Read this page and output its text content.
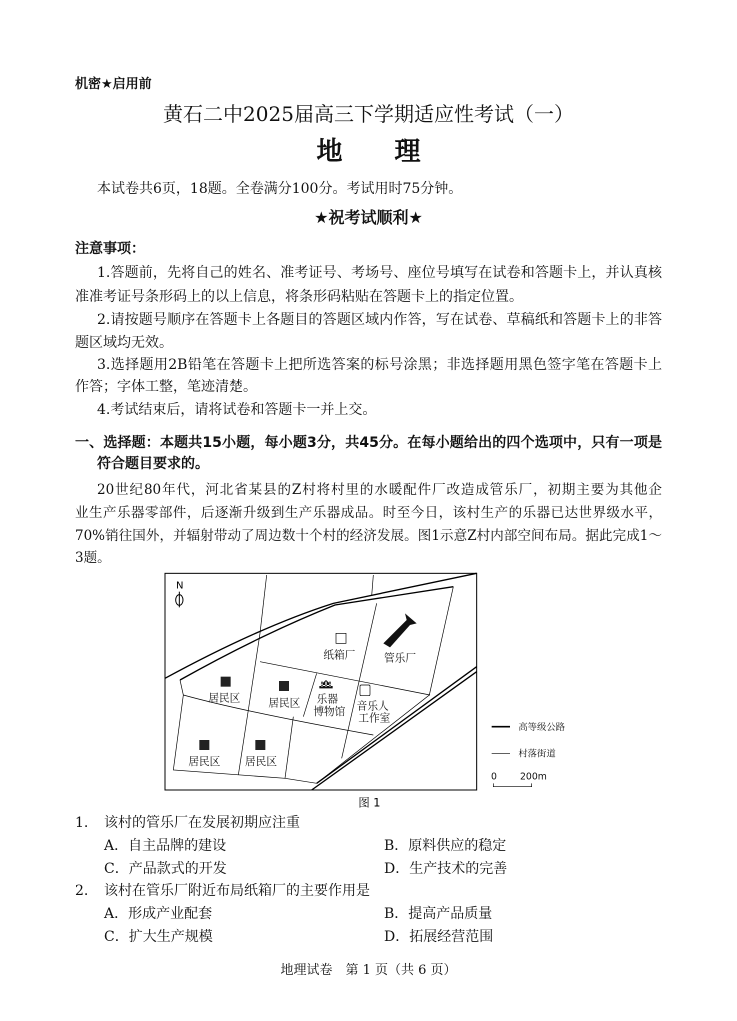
机密★启用前
黄石二中2025届高三下学期适应性考试（一）
地　　理
本试卷共6页，18题。全卷满分100分。考试用时75分钟。
★祝考试顺利★
注意事项：
1.答题前，先将自己的姓名、准考证号、考场号、座位号填写在试卷和答题卡上，并认真核
准准考证号条形码上的以上信息，将条形码粘贴在答题卡上的指定位置。
2.请按题号顺序在答题卡上各题目的答题区域内作答，写在试卷、草稿纸和答题卡上的非答
题区域均无效。
3.选择题用2B铅笔在答题卡上把所选答案的标号涂黑；非选择题用黑色签字笔在答题卡上
作答；字体工整，笔迹清楚。
4.考试结束后，请将试卷和答题卡一并上交。
一、选择题：本题共15小题，每小题3分，共45分。在每小题给出的四个选项中，只有一项是
符合题目要求的。
20世纪80年代，河北省某县的Z村将村里的水暖配件厂改造成管乐厂，初期主要为其他企
业生产乐器零部件，后逐渐升级到生产乐器成品。时至今日，该村生产的乐器已达世界级水平，
70%销往国外，并辐射带动了周边数十个村的经济发展。图1示意Z村内部空间布局。据此完成1～
3题。
N
纸箱厂 管乐厂
居民区 居民区
居民区 居民区
乐器
博物馆 音乐人
工作室
高等级公路
村落街道
0 200m
图 1
1. 该村的管乐厂在发展初期应注重
A．自主品牌的建设	B．原料供应的稳定
C．产品款式的开发	D．生产技术的完善
2. 该村在管乐厂附近布局纸箱厂的主要作用是
A．形成产业配套	B．提高产品质量
C．扩大生产规模	D．拓展经营范围
地理试卷　第 1 页（共 6 页）
